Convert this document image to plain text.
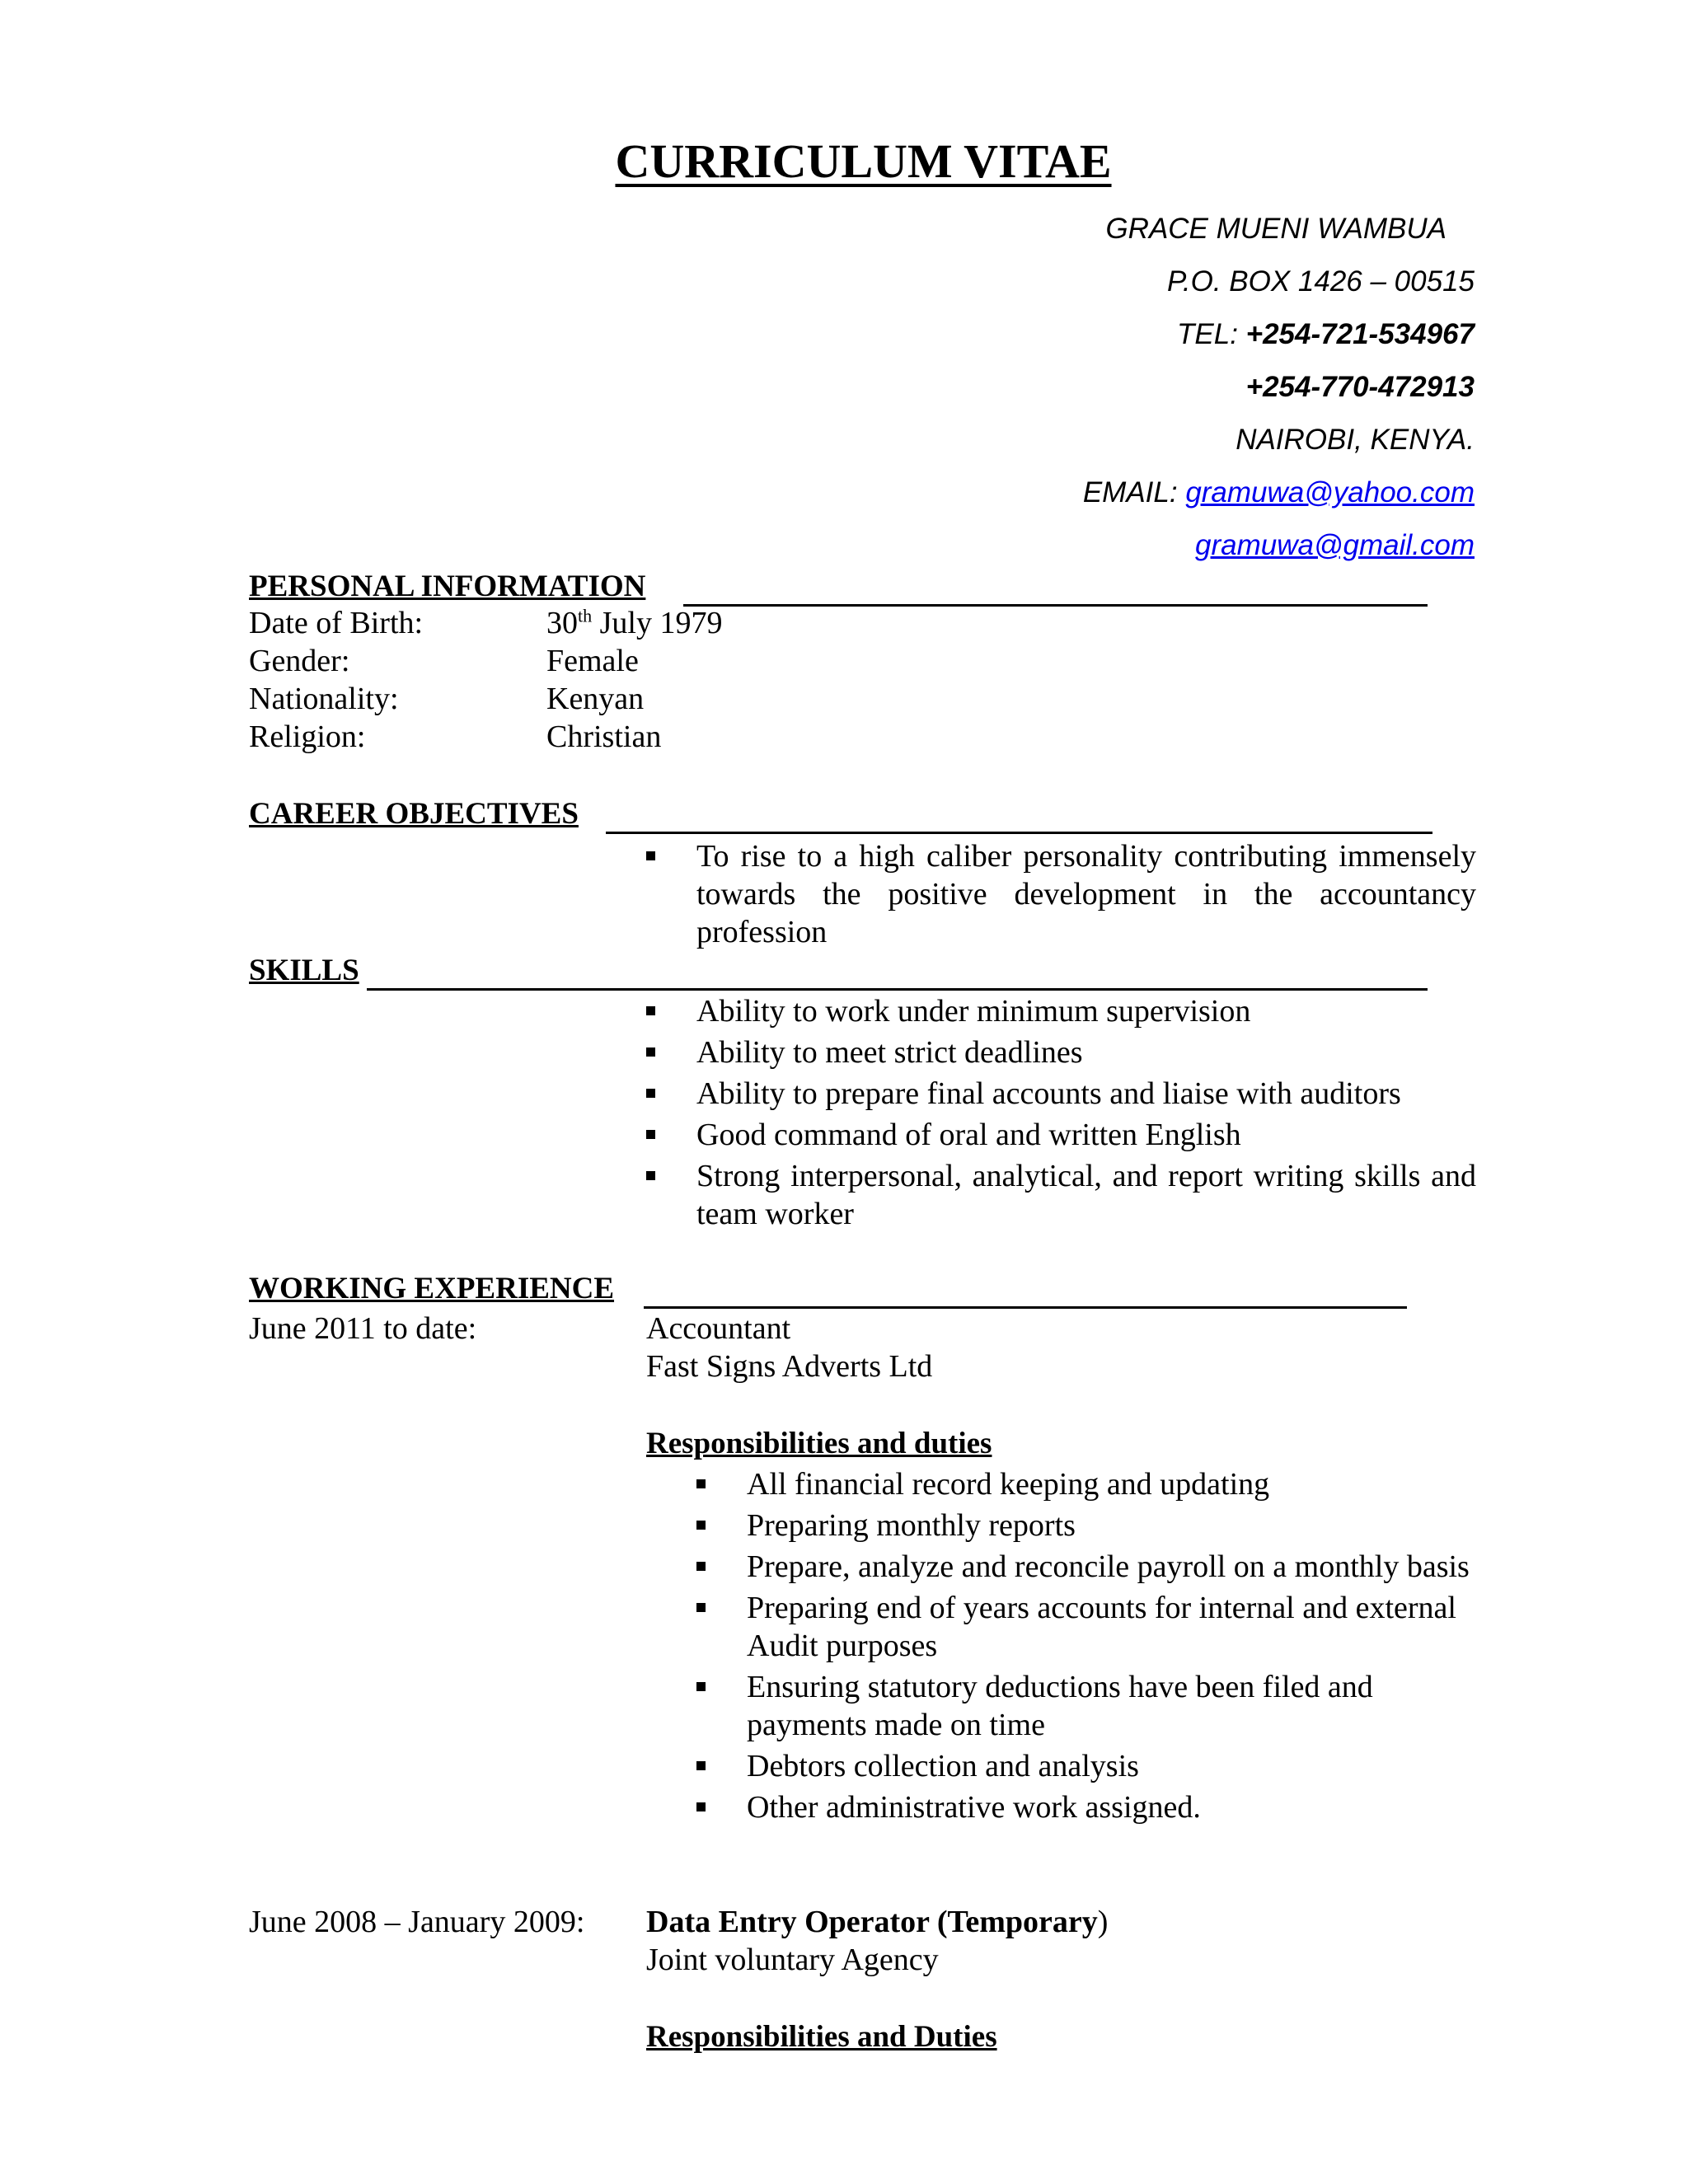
CURRICULUM VITAE
GRACE MUENI WAMBUA
P.O. BOX 1426 – 00515
TEL: +254-721-534967
+254-770-472913
NAIROBI, KENYA.
EMAIL: gramuwa@yahoo.com
gramuwa@gmail.com
PERSONAL INFORMATION
Date of Birth:	30th July 1979
Gender:	Female
Nationality:	Kenyan
Religion:	Christian
CAREER OBJECTIVES
To rise to a high caliber personality contributing immensely towards the positive development in the accountancy profession
SKILLS
Ability to work under minimum supervision
Ability to meet strict deadlines
Ability to prepare final accounts and liaise with auditors
Good command of oral and written English
Strong interpersonal, analytical, and report writing skills and team worker
WORKING EXPERIENCE
June 2011 to date:	Accountant
Fast Signs Adverts Ltd
Responsibilities and duties
All financial record keeping and updating
Preparing monthly reports
Prepare, analyze and reconcile payroll on a monthly basis
Preparing end of years accounts for internal and external Audit purposes
Ensuring statutory deductions have been filed and payments made on time
Debtors collection and analysis
Other administrative work assigned.
June 2008 – January 2009: Data Entry Operator (Temporary)
Joint voluntary Agency
Responsibilities and Duties
